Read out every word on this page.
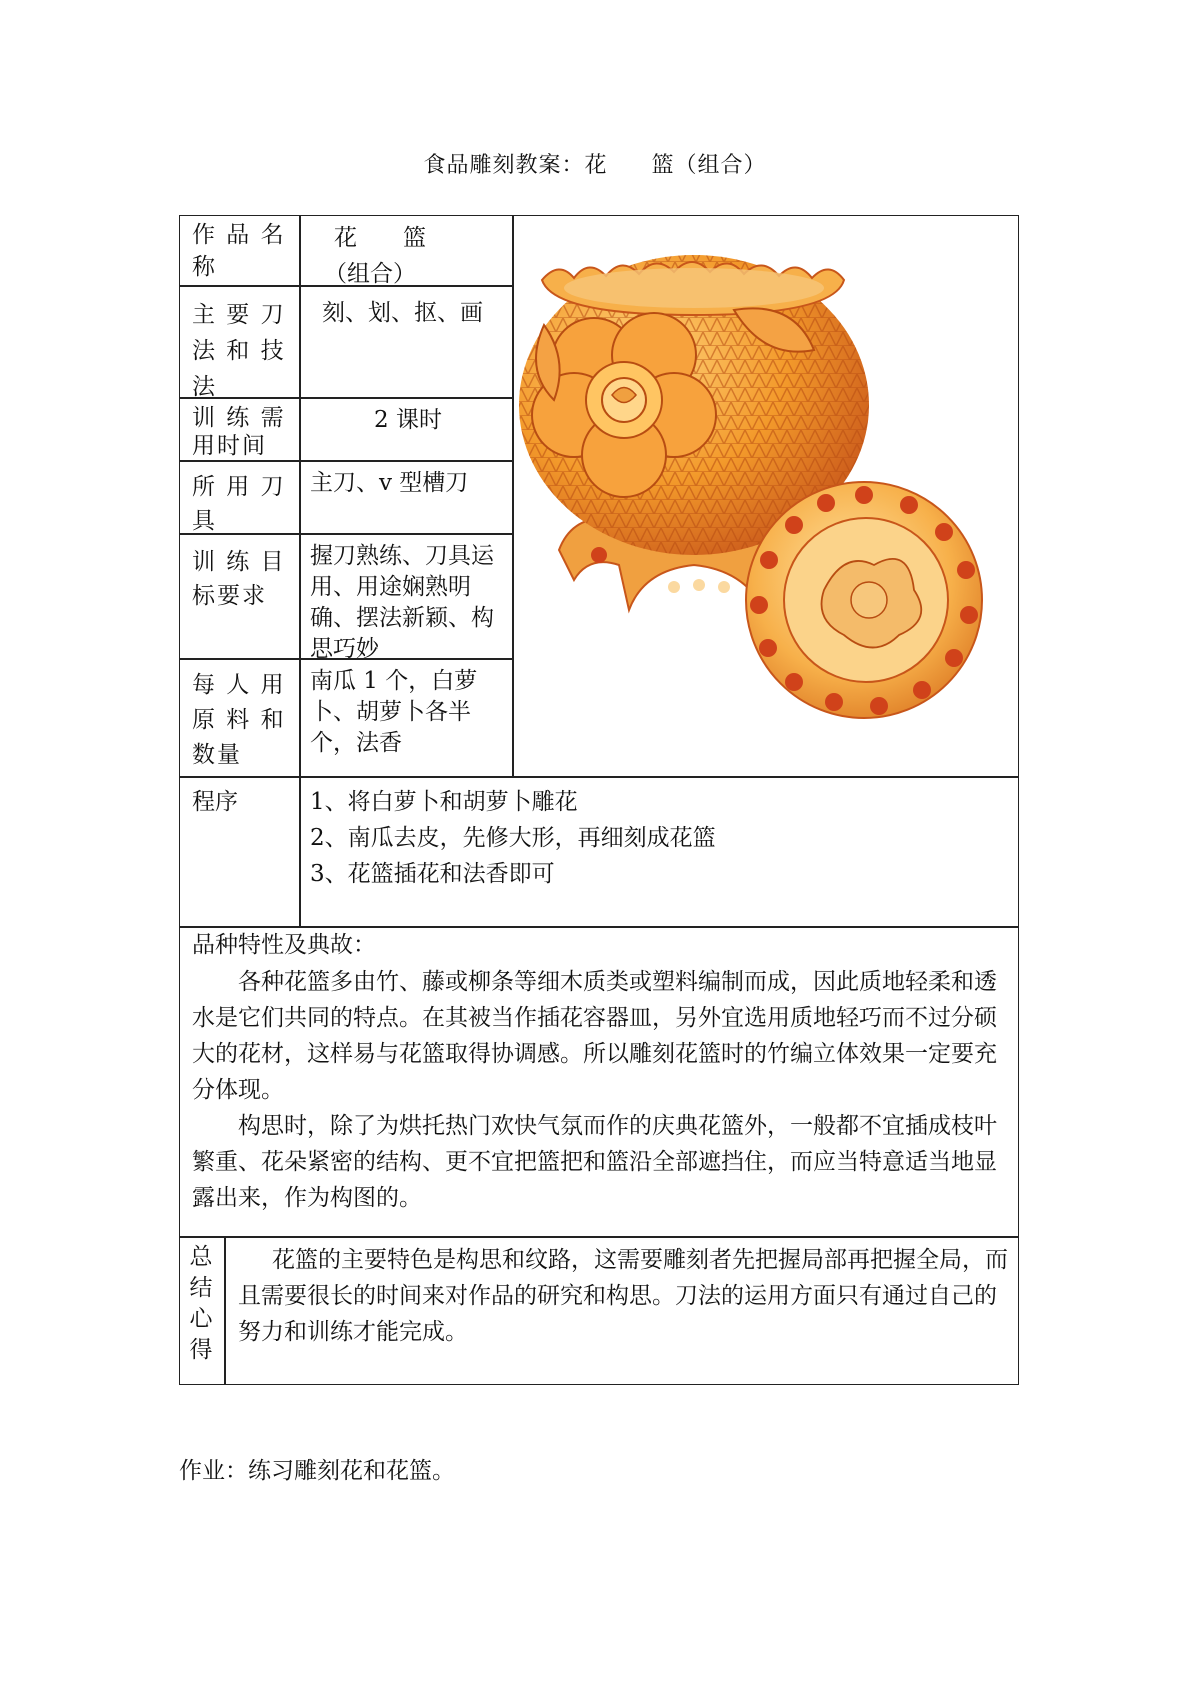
食品雕刻教案：花 篮（组合）
作 品 名 称
花　　篮
（组合）
主 要 刀 法 和 技 法
刻、划、抠、画
训 练 需 用时间
2 课时
所 用 刀 具
主刀、v 型槽刀
训 练 目 标要求
握刀熟练、刀具运用、用途娴熟明确、摆法新颖、构思巧妙
每 人 用 原 料 和 数量
南瓜 1 个，白萝卜、胡萝卜各半个，法香
程序	1、将白萝卜和胡萝卜雕花
2、南瓜去皮，先修大形，再细刻成花篮
3、花篮插花和法香即可
品种特性及典故：

各种花篮多由竹、藤或柳条等细木质类或塑料编制而成，因此质地轻柔和透水是它们共同的特点。在其被当作插花容器皿，另外宜选用质地轻巧而不过分硕大的花材，这样易与花篮取得协调感。所以雕刻花篮时的竹编立体效果一定要充分体现。

构思时，除了为烘托热门欢快气氛而作的庆典花篮外，一般都不宜插成枝叶繁重、花朵紧密的结构、更不宜把篮把和篮沿全部遮挡住，而应当特意适当地显露出来，作为构图的。

总
结
心
得

花篮的主要特色是构思和纹路，这需要雕刻者先把握局部再把握全局，而且需要很长的时间来对作品的研究和构思。刀法的运用方面只有通过自己的努力和训练才能完成。

作业：练习雕刻花和花篮。
